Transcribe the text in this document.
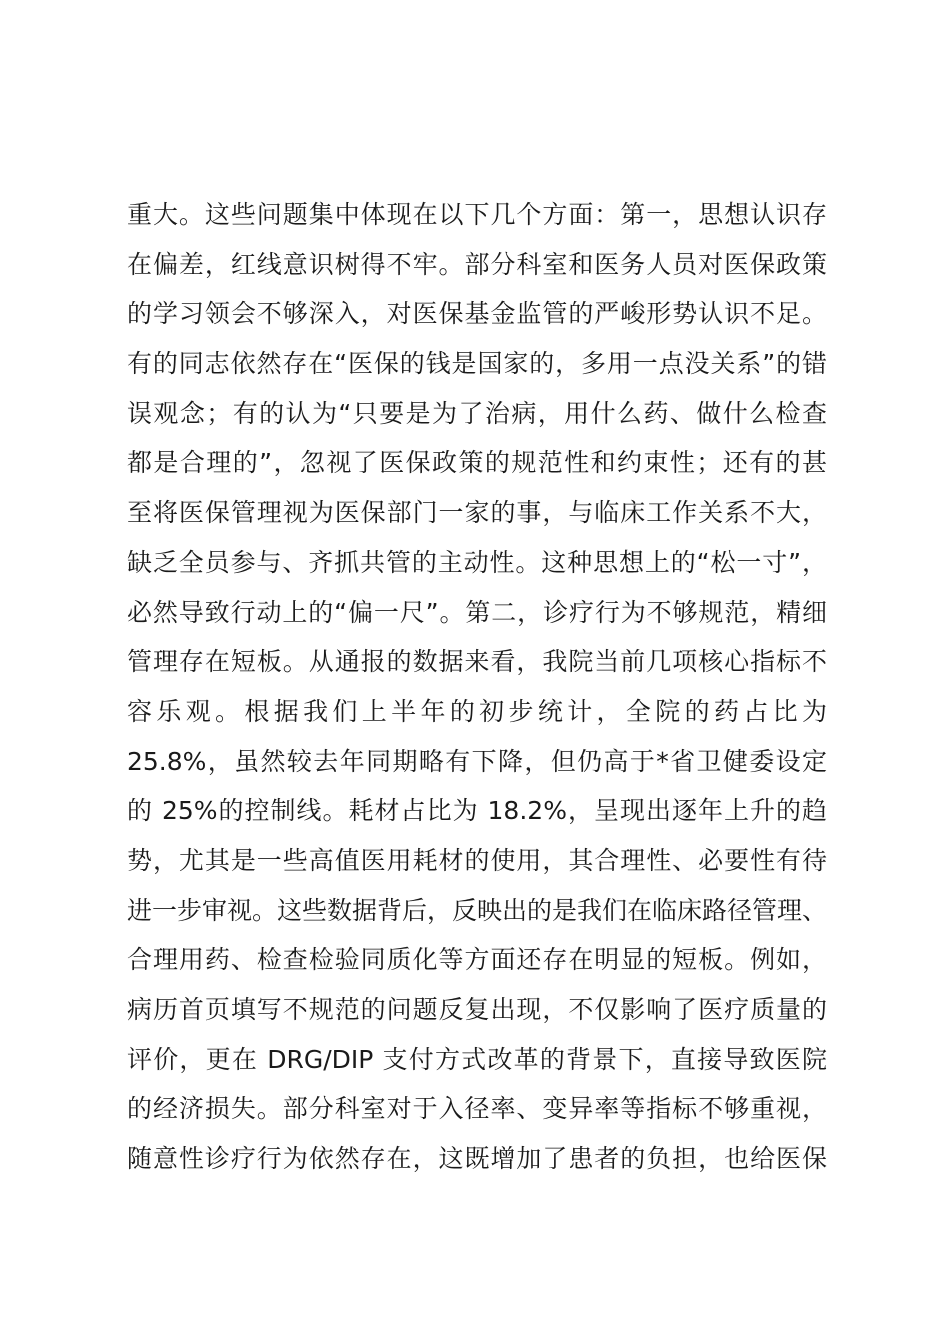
重大。这些问题集中体现在以下几个方面：第一，思想认识存
在偏差，红线意识树得不牢。部分科室和医务人员对医保政策
的学习领会不够深入，对医保基金监管的严峻形势认识不足。
有的同志依然存在“医保的钱是国家的，多用一点没关系”的错
误观念；有的认为“只要是为了治病，用什么药、做什么检查
都是合理的”，忽视了医保政策的规范性和约束性；还有的甚
至将医保管理视为医保部门一家的事，与临床工作关系不大，
缺乏全员参与、齐抓共管的主动性。这种思想上的“松一寸”，
必然导致行动上的“偏一尺”。第二，诊疗行为不够规范，精细
管理存在短板。从通报的数据来看，我院当前几项核心指标不
容乐观。根据我们上半年的初步统计，全院的药占比为
25.8%，虽然较去年同期略有下降，但仍高于*省卫健委设定
的 25%的控制线。耗材占比为 18.2%，呈现出逐年上升的趋
势，尤其是一些高值医用耗材的使用，其合理性、必要性有待
进一步审视。这些数据背后，反映出的是我们在临床路径管理、
合理用药、检查检验同质化等方面还存在明显的短板。例如，
病历首页填写不规范的问题反复出现，不仅影响了医疗质量的
评价，更在 DRG/DIP 支付方式改革的背景下，直接导致医院
的经济损失。部分科室对于入径率、变异率等指标不够重视，
随意性诊疗行为依然存在，这既增加了患者的负担，也给医保
